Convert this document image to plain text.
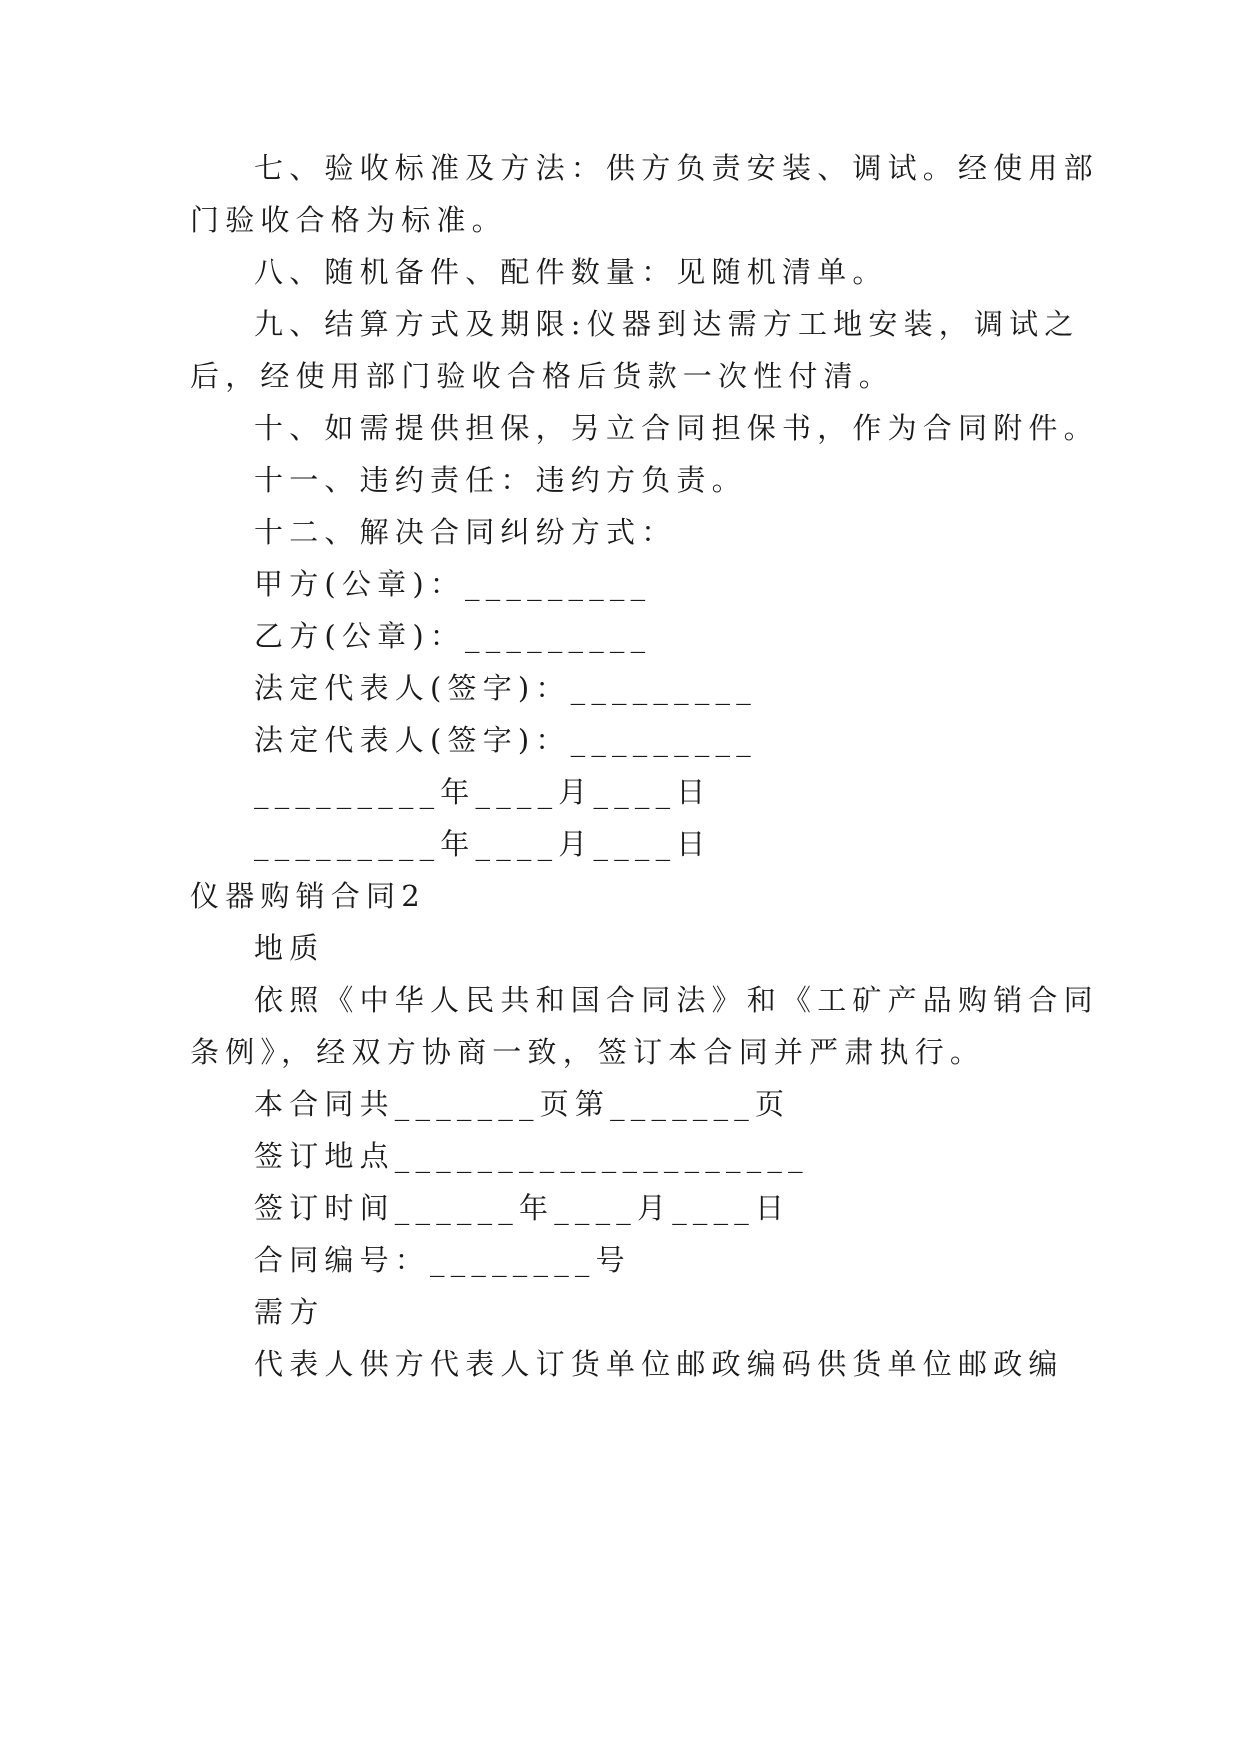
七、验收标准及方法：供方负责安装、调试。经使用部

门验收合格为标准。

八、随机备件、配件数量：见随机清单。

九、结算方式及期限:仪器到达需方工地安装，调试之

后，经使用部门验收合格后货款一次性付清。

十、如需提供担保，另立合同担保书，作为合同附件。

十一、违约责任：违约方负责。

十二、解决合同纠纷方式：

甲方(公章)：_________

乙方(公章)：_________

法定代表人(签字)：_________

法定代表人(签字)：_________

_________年____月____日

_________年____月____日

仪器购销合同2

地质

依照《中华人民共和国合同法》和《工矿产品购销合同

条例》，经双方协商一致，签订本合同并严肃执行。

本合同共_______页第_______页

签订地点____________________

签订时间______年____月____日

合同编号：________号

需方

代表人供方代表人订货单位邮政编码供货单位邮政编
